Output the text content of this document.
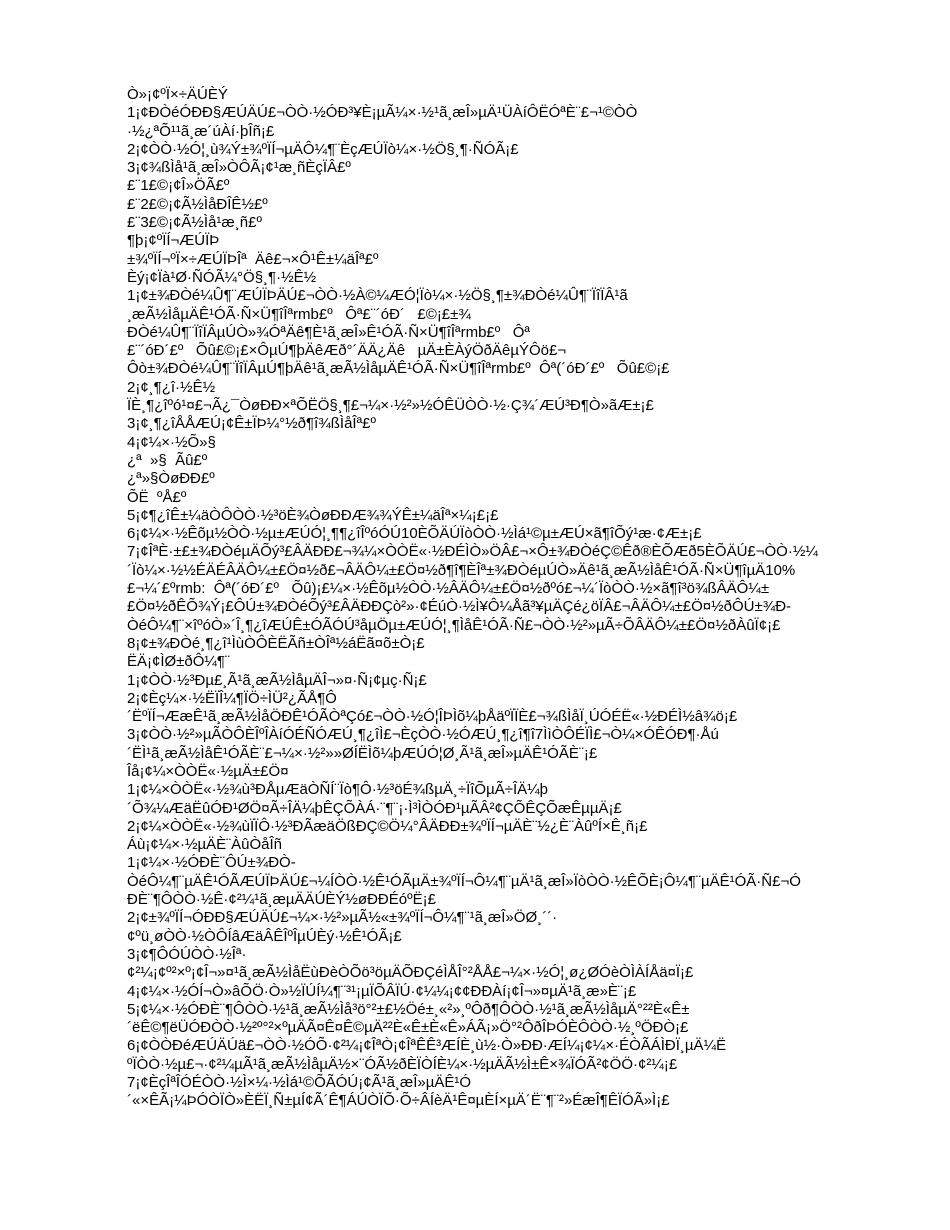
Ò»¡¢ºÏ×÷ÄÚÈÝ
1¡¢ÐÒéÓÐÐ§ÆÚÄÚ£¬ÒÒ·½ÓÐ³¥È¡µÃ¼×·½¹ã¸æÎ»µÄ¹ÜÀíÔËÓªÈ¨£¬¹©ÒÒ
·½¿ªÕ¹¹ã¸æ´úÀí·þÎñ¡£
2¡¢ÒÒ·½Ó¦¸ù¾Ý±¾ºÏÍ¬µÄÔ¼¶¨ÈçÆÚÏò¼×·½Ö§¸¶·ÑÓÃ¡£
3¡¢¾ßÌå¹ã¸æÎ»ÒÔÃ¡¢¹æ¸ñÈçÏÂ£º
£¨1£©¡¢Î»ÖÃ£º
£¨2£©¡¢Ã½ÌåÐÎÊ½£º
£¨3£©¡¢Ã½Ìå¹æ¸ñ£º
¶þ¡¢ºÏÍ¬ÆÚÏÞ
±¾ºÏÍ¬ºÏ×÷ÆÚÏÞÎª  Äê£¬×Ô¹Ê±¼äÎª£º
Èý¡¢Ïà¹Ø·ÑÓÃ¼°Ö§¸¶·½Ê½
1¡¢±¾ÐÒé¼Û¶¨ÆÚÏÞÄÚ£¬ÒÒ·½À©¼ÆÓ¦Ïò¼×·½Ö§¸¶±¾ÐÒé¼Û¶¨ÏîÏÂ¹ã
¸æÃ½ÌåµÄÊ¹ÓÃ·Ñ×Ü¶îÎªrmb£º   Ôª£¨´óÐ´   £©¡£±¾
ÐÒé¼Û¶¨ÏîÏÂµÚÒ»¾ÓªÄê¶È¹ã¸æÎ»Ê¹ÓÃ·Ñ×Ü¶îÎªrmb£º   Ôª
£¨´óÐ´£º   Õû£©¡£×ÔµÚ¶þÄêÆð°´ÄÄ¿Äê   µÄ±ÈÀýÖðÄêµÝÔö£¬
Ôò±¾ÐÒé¼Û¶¨ÏîÏÂµÚ¶þÄê¹ã¸æÃ½ÌåµÄÊ¹ÓÃ·Ñ×Ü¶îÎªrmb£º  Ôª(´óÐ´£º   Õû£©¡£
2¡¢¸¶¿î·½Ê½
ÏÈ¸¶¿îºó¹¤£¬Ã¿¯ÒøÐÐ×ªÕËÖ§¸¶£¬¼×·½²»½ÓÊÜÒÒ·½·Ç¾´ÆÚ³Ð¶Ò»ãÆ±¡£
3¡¢¸¶¿îÅÅÆÚ¡¢Ê±ÏÞ¼°½ð¶î¾ßÌåÎª£º
4¡¢¼×·½Õ»§
¿ª  »§  Ãû£º
¿ª»§ÒøÐÐ£º
ÕË  ºÅ£º
5¡¢¶¿îÊ±¼äÒÔÒÒ·½³öÈ¾ÒøÐÐÆ¾¾ÝÊ±¼äÎª×¼¡£¡£
6¡¢¼×·½Êõµ½ÒÒ·½µ±ÆÚÓ¦¸¶¶¿îÎºóÓÚ10ÈÕÄÚÏòÒÒ·½Ìá¹©µ±ÆÚ×ã¶îÕý¹æ·¢Æ±¡£
7¡¢ÎªÈ·±£±¾ÐÒéµÄÕý³£ÂÄÐÐ£¬¾¼×ÒÒË«·½ÐÉÌÒ»ÖÂ£¬×Ô±¾ÐÒéÇ©Êð®ÈÕÆð5ÈÕÄÚ£¬ÒÒ·½¼
´Ïò¼×·½½ÉÄÉÂÄÔ¼±£Ö¤½ð£¬ÂÄÔ¼±£Ö¤½ð¶î¶ÈÎª±¾ÐÒéµÚÒ»Äê¹ã¸æÃ½ÌåÊ¹ÓÃ·Ñ×Ü¶îµÄ10%
£¬¼´£ºrmb:  Ôª(´óÐ´£º   Õû)¡£¼×·½Êõµ½ÒÒ·½ÂÄÔ¼±£Ö¤½ðºó£¬¼´ÏòÒÒ·½×ã¶î³ö¾ßÂÄÔ¼±
£Ö¤½ðÊÕ¾Ý¡£ÔÚ±¾ÐÒéÕý³£ÂÄÐÐÇò²»·¢ÉúÒ·½Ì¥Ô¼Åã³¥µÄÇé¿öÏÂ£¬ÂÄÔ¼±£Ö¤½ðÔÚ±¾Ð-
ÒéÔ¼¶¨×îºóÒ»´Î¸¶¿îÆÚÊ±ÓÃÓÚ³åµÖµ±ÆÚÓ¦¸¶ÌåÊ¹ÓÃ·Ñ£¬ÒÒ·½²»µÃ÷ÕÂÄÔ¼±£Ö¤½ðÀûÏ¢¡£
8¡¢±¾ÐÒé¸¶¿î¹ÌùÒÔÈËÃñ±ÒÎª½áËã¤õ±Ò¡£
ËÄ¡¢ÌØ±ðÔ¼¶¨
1¡¢ÒÒ·½³Ðµ£¸Ã¹ã¸æÃ½ÌåµÄÎ¬»¤·Ñ¡¢µç·Ñ¡£
2¡¢Èç¼×·½ËÏÎ¼¶ÏÖ÷ÌÜ²¿ÃÅ¶Ô
´ËºÏÍ¬ÆæÊ¹ã¸æÃ½ÌåÖÐÊ¹ÓÃÒªÇó£¬ÒÒ·½Ó¦ÎÞÌõ¼þÅäºÏÏÈ£¬¾ßÌåÏ¸ÚÓÉË«·½ÐÉÌ½â¾ö¡£
3¡¢ÒÒ·½²»µÃÒÔÈÎºÎÀíÓÉÑÓÆÚ¸¶¿îÌ£¬ÈçÒÒ·½ÓÆÚ¸¶¿î¶î7ÌìÒÔÉÏÌ£¬Ò¼×ÓÊÓÐ¶·Åú
´ËÌ¹ã¸æÃ½ÌåÊ¹ÓÃÈ¨£¬¼×·½²»»ØÍËÌõ¼þÆÚÓ¦Ø¸Ã¹ã¸æÎ»µÄÊ¹ÓÃÈ¨¡£
Îå¡¢¼×ÒÒË«·½µÄ±£Ö¤
1¡¢¼×ÒÒË«·½¾ù³ÐÅµÆäÒÑÍ¨Ïò¶Ô·½³öÉ¾ßµÄ¸÷ÏîÕµÃ÷ÎÄ¼þ
´Õ¾¼ÆäËûÓÐ¹ØÖ¤Ã÷ÎÄ¼þÊÇÕÀÁ·¨¶¨¡·Ì³ÌÒÓÐ¹µÃÂ²¢ÇÕÊÇÕæÊµµÄ¡£
2¡¢¼×ÒÒË«·½¾ùÏÏÔ·½³ÐÃæäÖßÐÇ©Ö¼°ÂÄÐÐ±¾ºÏÍ¬µÄÈ¨½¿È¨ÀûºÍ×Ê¸ñ¡£
Áù¡¢¼×·½µÄÈ¨ÀûÒåÎñ
1¡¢¼×·½ÓÐÈ¨ÔÚ±¾ÐÒ-
ÒéÔ¼¶¨µÄÊ¹ÓÃÆÚÏÞÄÚ£¬¼ÍÒÒ·½Ê¹ÓÃµÄ±¾ºÏÍ¬Ô¼¶¨µÄ¹ã¸æÎ»ÏòÒÒ·½ÊÕÈ¡Ô¼¶¨µÄÊ¹ÓÃ·Ñ£¬Ó
ÐÈ¨¶ÔÒÒ·½Ê·¢²¼¹ã¸æµÄÄÚÈÝ½øÐÐÉóºË¡£
2¡¢±¾ºÏÍ¬ÓÐÐ§ÆÚÄÚ£¬¼×·½²»µÃ½«±¾ºÏÍ¬Ô¼¶¨¹ã¸æÎ»ÖØ¸´´·
¢ºü¸øÒÒ·½ÒÔÍâÆäÂÊÎºÎµÚÈý·½Ê¹ÓÃ¡£
3¡¢¶ÔÓÚÒÒ·½Îª·
¢²¼¡¢º²×º¡¢Î¬»¤¹ã¸æÃ½ÌåËùÐèÒÕö³öµÄÕÐÇéÌÅÎ°²ÅÅ£¬¼×·½Ó¦¸ø¿ØÓèÒÌÀÍÅä¤Ï¡£
4¡¢¼×·½ÓÍ¬Ò»âÕÖ·Ò»½ÏÚÍ¼¶¨³¹¡µÏÕÂÏÚ·¢¼¼¡¢¢ÐÐÀí¡¢Î¬»¤µÄ¹ã¸æ»È¨¡£
5¡¢¼×·½ÓÐÈ¨¶ÔÒÒ·½¹ã¸æÃ½Ìå³ö°²±£½Öé±¸«²»¸ºÔð¶ÔÒÒ·½¹ã¸æÃ½ÌåµÄ°²²È«Ê±
´ëÊ©¶ëÜÓÐÒÒ·½²º°²×ºµÄÃ¤Ê¤Ê©µÄ²²È«Ê±È«Ê»ÁÃ¡»Ö°²ÔðÎÞÓÈÔÒÒ·½¸ºÖÐÒ¡£
6¡¢ÒÒÐéÆÚÄÚä£¬ÒÒ·½ÓÕ·¢²¼¡¢ÎªÒ¡¢ÎªÊÊ³ÆÍÈ¸ù½·Ò»ÐÐ·ÆÍ¼¡¢¼×·ÉÒÃÁÌÐÏ¸µÄ¼Ë
ºÏÒÒ·½µ£¬·¢²¼µÃ¹ã¸æÃ½ÌåµÄ½×¨ÓÃ½ðÈÏÒÍÈ¼×·½µÄÃ½Ì±Ê×¾ÏÓÃ²¢ÖÖ·¢²¼¡£
7¡¢ÈçÎªÎÓÉÒÒ·½Ì×¼·½Ìá¹©ÕÃÓÚ¡¢Ã¹ã¸æÎ»µÄÊ¹Ó
´«×ÊÃ¡¼ÞÓÒÏÒ»ÈËÏ¸Ñ±µÍ¢Ã´Ê¶ÁÚÒÏÕ·Õ÷ÂÍèÄ¹Ê¤µÈÍ×µÄ´Ë¨¶¨²»ÉæÎ¶ÊÏÓÃ»Ì¡£
